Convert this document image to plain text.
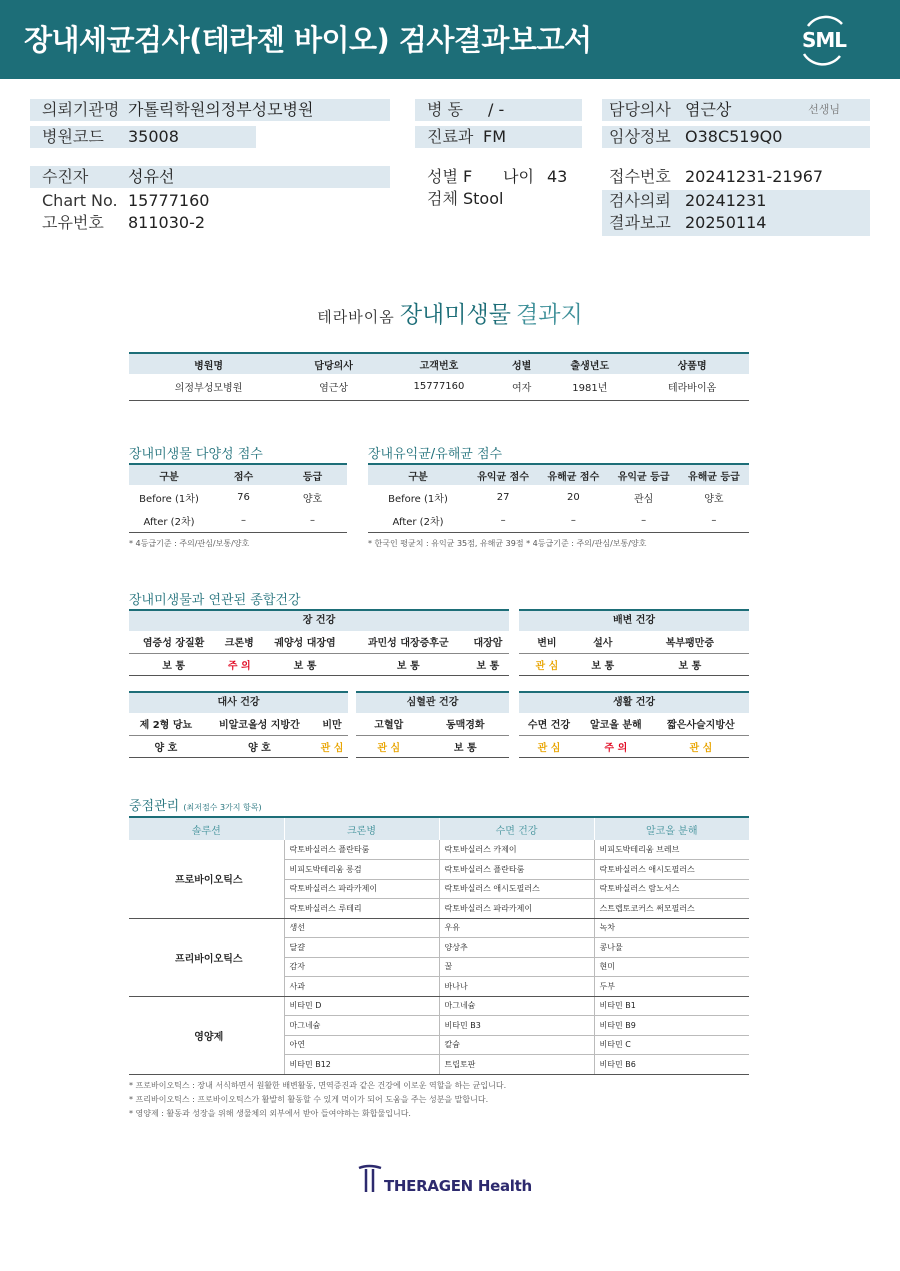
장내세균검사(테라젠 바이오) 검사결과보고서	SML
의뢰기관명 가톨릭학원의정부성모병원
병원코드 35008
병 동 / -
진료과 FM
담당의사 염근상	선생님
임상정보 O38C519Q0
수진자 성유선
Chart No. 15777160
고유번호 811030-2
성별 F 나이 43
검체 Stool
접수번호 20241231-21967
검사의뢰 20241231
결과보고 20250114
테라바이옴 장내미생물 결과지
병원명	담당의사	고객번호	성별	출생년도	상품명
의정부성모병원	염근상	15777160	여자	1981년	테라바이옴
장내미생물 다양성 점수
구분	점수	등급
Before (1차)	76	양호
After (2차)	–	–
* 4등급기준 : 주의/관심/보통/양호
장내유익균/유해균 점수
구분	유익균 점수	유해균 점수	유익균 등급	유해균 등급
Before (1차)	27	20	관심	양호
After (2차)	–	–	–	–
* 한국인 평균치 : 유익균 35점, 유해균 39점 * 4등급기준 : 주의/관심/보통/양호
장내미생물과 연관된 종합건강
장 건강
염증성 장질환	크론병	궤양성 대장염	과민성 대장증후군	대장암
보 통	주 의	보 통	보 통	보 통
배변 건강
변비	설사	복부팽만증
관 심	보 통	보 통
대사 건강
제 2형 당뇨	비알코올성 지방간	비만
양 호	양 호	관 심
심혈관 건강
고혈압	동맥경화
관 심	보 통
생활 건강
수면 건강	알코올 분해	짧은사슬지방산
관 심	주 의	관 심
중점관리 (최저점수 3가지 항목)
솔루션	크론병	수면 건강	알코올 분해
프로바이오틱스	락토바실러스 플란타룸	락토바실러스 카제이	비피도박테리움 브레브
	비피도박테리움 롱검	락토바실러스 플란타룸	락토바실러스 애시도필러스
	락토바실러스 파라카제이	락토바실러스 애시도필러스	락토바실러스 람노서스
	락토바실러스 루테리	락토바실러스 파라카제이	스트렙토코커스 써모필러스
프리바이오틱스	생선	우유	녹차
	달걀	양상추	콩나물
	감자	꿀	현미
	사과	바나나	두부
영양제	비타민 D	마그네슘	비타민 B1
	마그네슘	비타민 B3	비타민 B9
	아연	칼슘	비타민 C
	비타민 B12	트립토판	비타민 B6
* 프로바이오틱스 : 장내 서식하면서 원활한 배변활동, 면역증진과 같은 건강에 이로운 역할을 하는 균입니다.
* 프리바이오틱스 : 프로바이오틱스가 활발히 활동할 수 있게 먹이가 되어 도움을 주는 성분을 말합니다.
* 영양제 : 활동과 성장을 위해 생물체의 외부에서 받아 들여야하는 화합물입니다.
THERAGEN Health
